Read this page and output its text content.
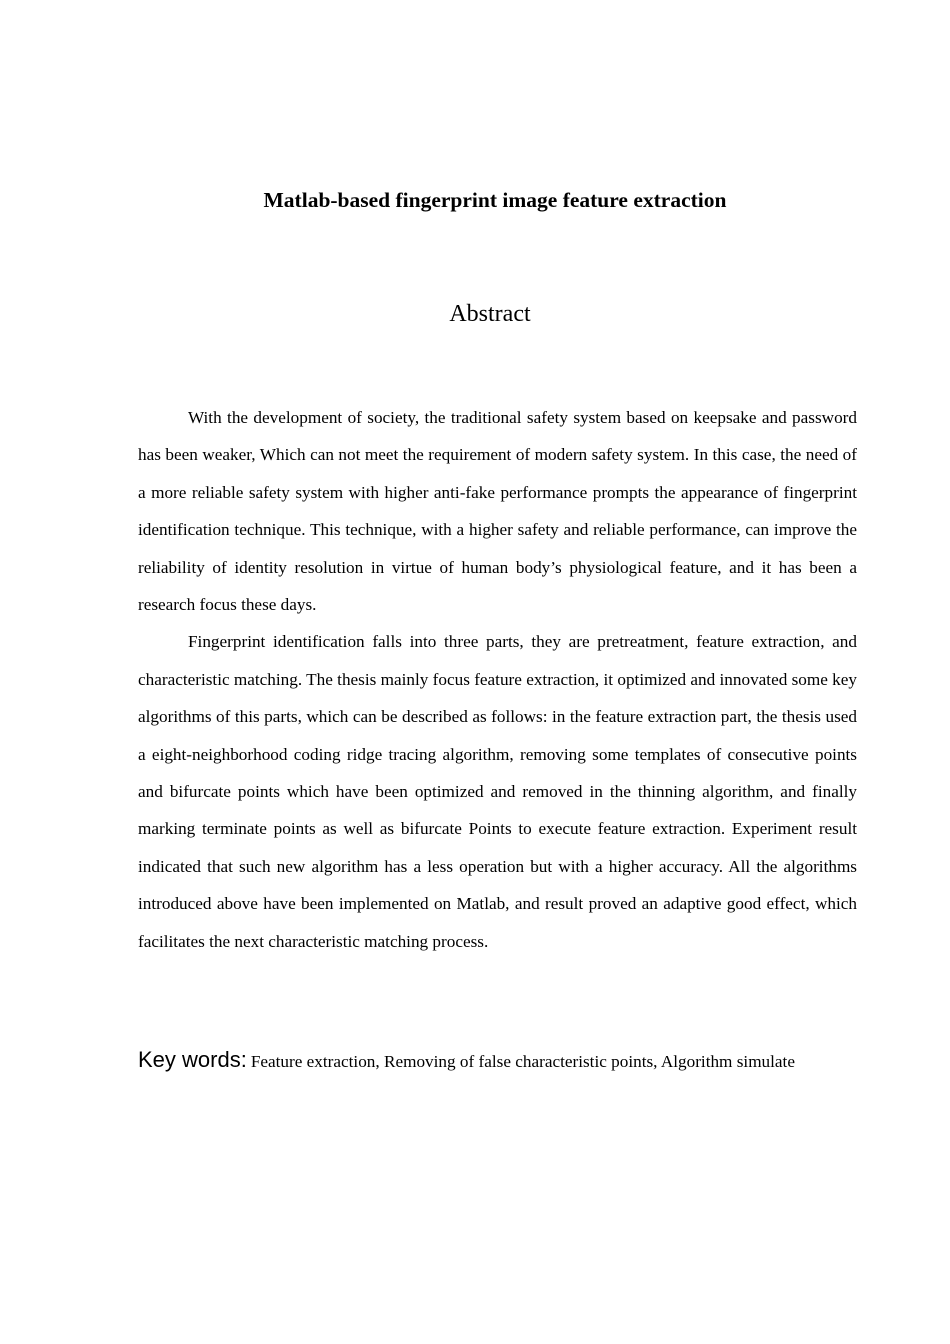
Matlab-based fingerprint image feature extraction
Abstract

With the development of society, the traditional safety system based on keepsake and password has been weaker, Which can not meet the requirement of modern safety system. In this case, the need of a more reliable safety system with higher anti-fake performance prompts the appearance of fingerprint identification technique. This technique, with a higher safety and reliable performance, can improve the reliability of identity resolution in virtue of human body’s physiological feature, and it has been a research focus these days.

Fingerprint identification falls into three parts, they are pretreatment, feature extraction, and characteristic matching. The thesis mainly focus feature extraction, it optimized and innovated some key algorithms of this parts, which can be described as follows: in the feature extraction part, the thesis used a eight-neighborhood coding ridge tracing algorithm, removing some templates of consecutive points and bifurcate points which have been optimized and removed in the thinning algorithm, and finally marking terminate points as well as bifurcate Points to execute feature extraction. Experiment result indicated that such new algorithm has a less operation but with a higher accuracy. All the algorithms introduced above have been implemented on Matlab, and result proved an adaptive good effect, which facilitates the next characteristic matching process.

Key words: Feature extraction, Removing of false characteristic points, Algorithm simulate
